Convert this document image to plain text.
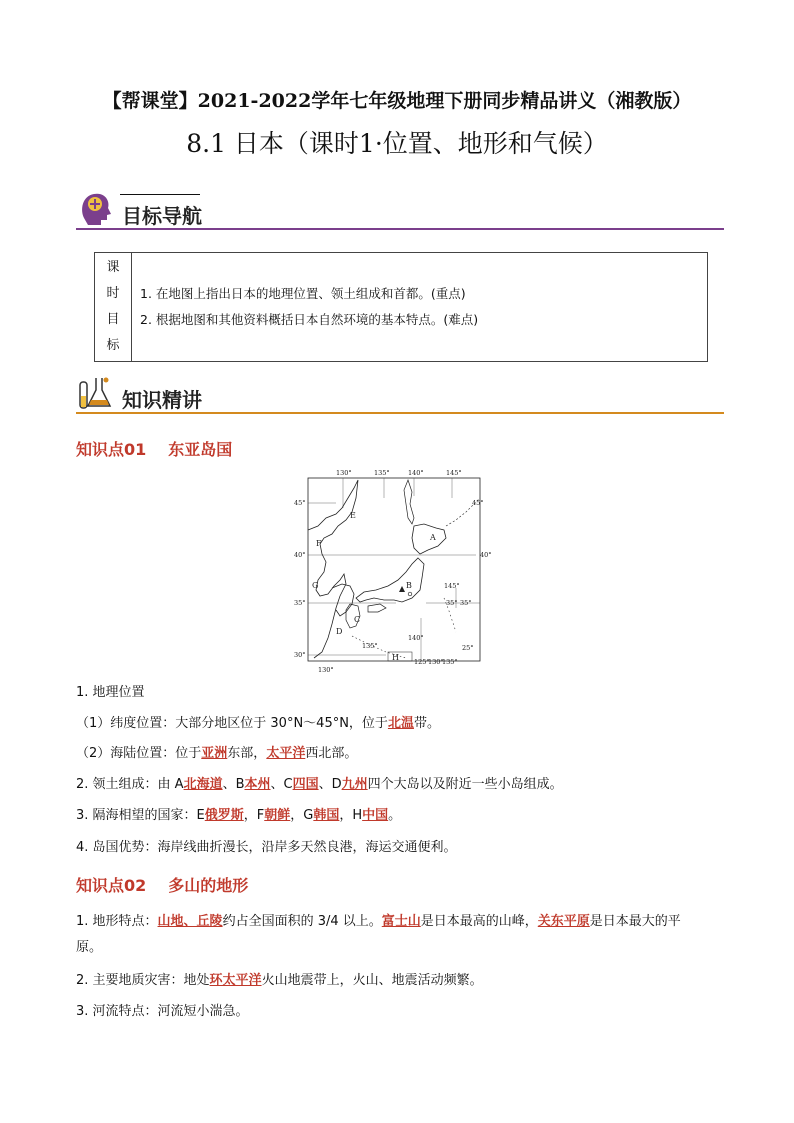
【帮课堂】2021-2022学年七年级地理下册同步精品讲义（湘教版）
8.1 日本（课时1·位置、地形和气候）
目标导航
课
时
目
标

1. 在地图上指出日本的地理位置、领土组成和首都。(重点)
2. 根据地图和其他资料概括日本自然环境的基本特点。(难点)
知识精讲
知识点01 东亚岛国
130°	135°	140°	145°
130°
135°
140°
45°
40°
35°
30°
45°
40°
35°
25°
145°
35°
125°
130°
135°
A
B
C
D
E
F
G
H
1. 地理位置
（1）纬度位置：大部分地区位于 30°N～45°N，位于北温带。
（2）海陆位置：位于亚洲东部，太平洋西北部。
2. 领土组成：由 A北海道、B本州、C四国、D九州四个大岛以及附近一些小岛组成。
3. 隔海相望的国家：E俄罗斯，F朝鲜，G韩国，H中国。
4. 岛国优势：海岸线曲折漫长，沿岸多天然良港，海运交通便利。
知识点02 多山的地形
1. 地形特点：山地、丘陵约占全国面积的 3/4 以上。富士山是日本最高的山峰，关东平原是日本最大的平
原。
2. 主要地质灾害：地处环太平洋火山地震带上，火山、地震活动频繁。
3. 河流特点：河流短小湍急。
